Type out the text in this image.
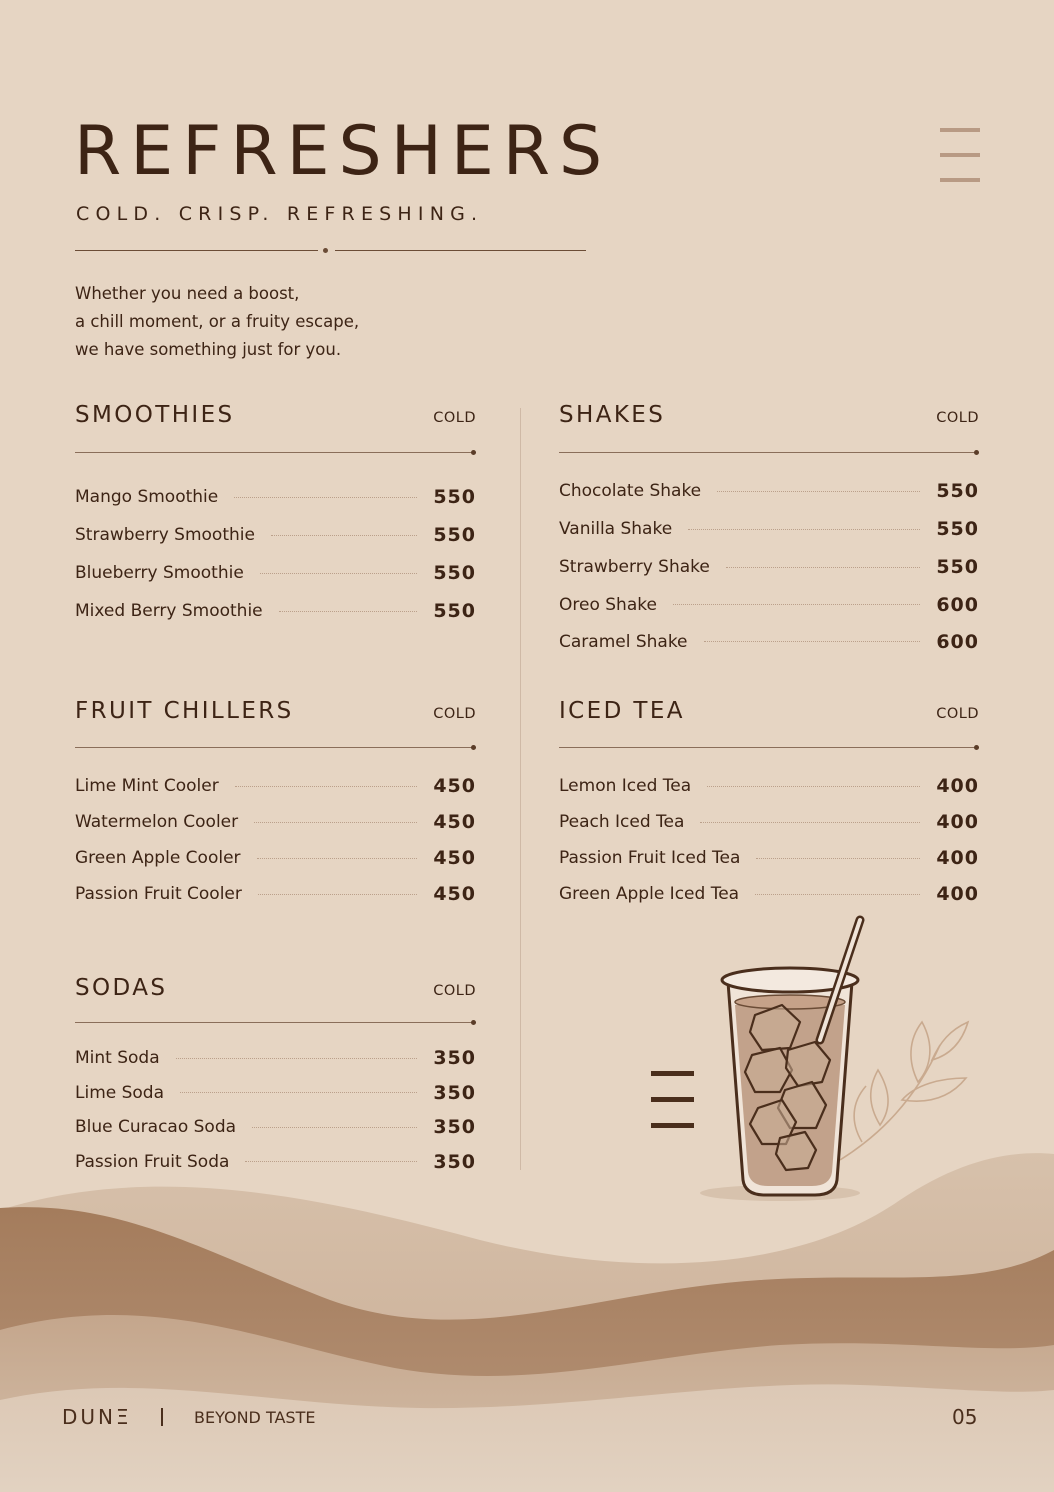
REFRESHERS
COLD. CRISP. REFRESHING.
Whether you need a boost,
a chill moment, or a fruity escape,
we have something just for you.
SMOOTHIES	COLD
Mango Smoothie	550
Strawberry Smoothie	550
Blueberry Smoothie	550
Mixed Berry Smoothie	550
SHAKES	COLD
Chocolate Shake	550
Vanilla Shake	550
Strawberry Shake	550
Oreo Shake	600
Caramel Shake	600
FRUIT CHILLERS	COLD
Lime Mint Cooler	450
Watermelon Cooler	450
Green Apple Cooler	450
Passion Fruit Cooler	450
ICED TEA	COLD
Lemon Iced Tea	400
Peach Iced Tea	400
Passion Fruit Iced Tea	400
Green Apple Iced Tea	400
SODAS	COLD
Mint Soda	350
Lime Soda	350
Blue Curacao Soda	350
Passion Fruit Soda	350
DUNΞ	BEYOND TASTE	05
